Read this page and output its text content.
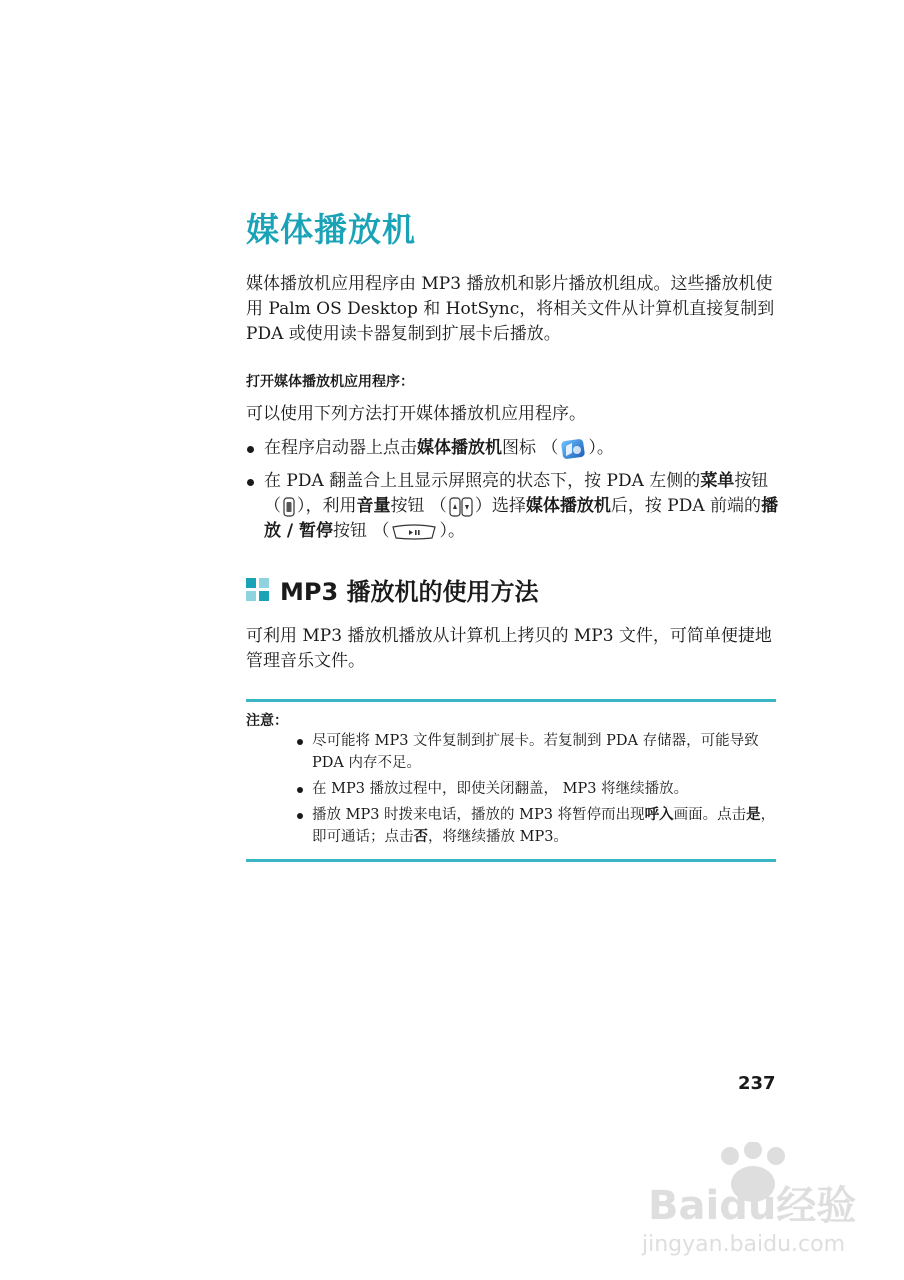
媒体播放机

媒体播放机应用程序由 MP3 播放机和影片播放机组成。这些播放机使用 Palm OS Desktop 和 HotSync，将相关文件从计算机直接复制到 PDA 或使用读卡器复制到扩展卡后播放。

打开媒体播放机应用程序：

可以使用下列方法打开媒体播放机应用程序。

在程序启动器上点击媒体播放机图标 （ ）。
在 PDA 翻盖合上且显示屏照亮的状态下，按 PDA 左侧的菜单按钮 （ ），利用音量按钮 （ ）选择媒体播放机后，按 PDA 前端的播放 / 暂停按钮 （	）。
MP3 播放机的使用方法

可利用 MP3 播放机播放从计算机上拷贝的 MP3 文件，可简单便捷地管理音乐文件。

注意：

尽可能将 MP3 文件复制到扩展卡。若复制到 PDA 存储器，可能导致 PDA 内存不足。
在 MP3 播放过程中，即使关闭翻盖， MP3 将继续播放。
播放 MP3 时拨来电话，播放的 MP3 将暂停而出现呼入画面。点击是，即可通话；点击否，将继续播放 MP3。

237

Baidu经验
jingyan.baidu.com
